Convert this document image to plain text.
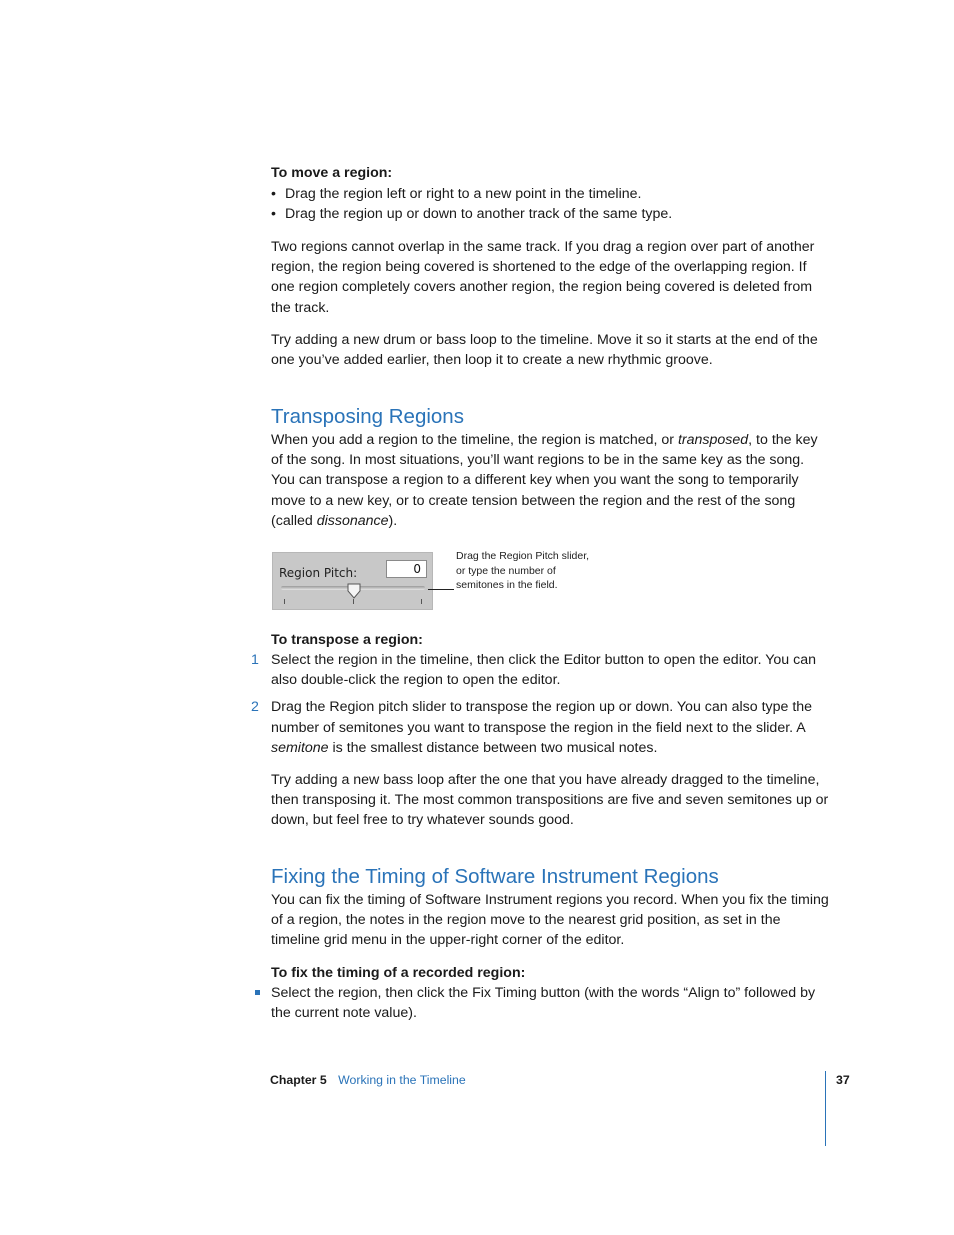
To move a region:
• Drag the region left or right to a new point in the timeline.
• Drag the region up or down to another track of the same type.

Two regions cannot overlap in the same track. If you drag a region over part of another region, the region being covered is shortened to the edge of the overlapping region. If one region completely covers another region, the region being covered is deleted from the track.

Try adding a new drum or bass loop to the timeline. Move it so it starts at the end of the one you’ve added earlier, then loop it to create a new rhythmic groove.

Transposing Regions

When you add a region to the timeline, the region is matched, or transposed, to the key of the song. In most situations, you’ll want regions to be in the same key as the song. You can transpose a region to a different key when you want the song to temporarily move to a new key, or to create tension between the region and the rest of the song (called dissonance).

Region Pitch:	0
Drag the Region Pitch slider, or type the number of semitones in the field.
To transpose a region:
1 Select the region in the timeline, then click the Editor button to open the editor. You can also double-click the region to open the editor.
2 Drag the Region pitch slider to transpose the region up or down. You can also type the number of semitones you want to transpose the region in the field next to the slider. A semitone is the smallest distance between two musical notes.

Try adding a new bass loop after the one that you have already dragged to the timeline, then transposing it. The most common transpositions are five and seven semitones up or down, but feel free to try whatever sounds good.

Fixing the Timing of Software Instrument Regions

You can fix the timing of Software Instrument regions you record. When you fix the timing of a region, the notes in the region move to the nearest grid position, as set in the timeline grid menu in the upper-right corner of the editor.

To fix the timing of a recorded region:
Select the region, then click the Fix Timing button (with the words “Align to” followed by the current note value).
Chapter 5 Working in the Timeline	37
